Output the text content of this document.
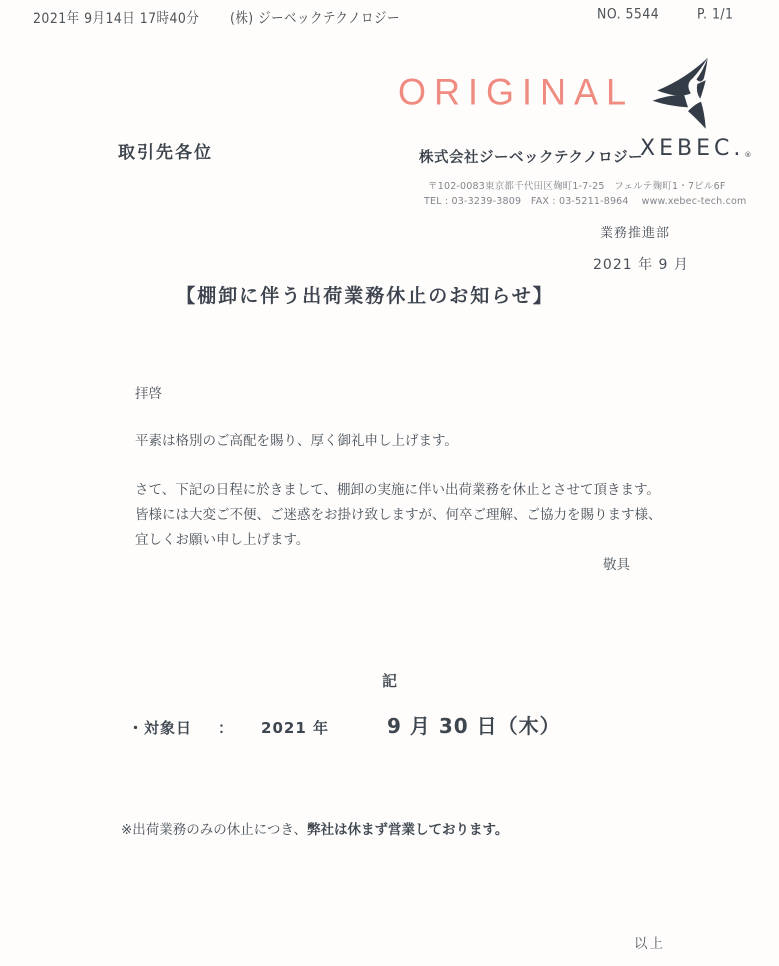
2021年 9月14日 17時40分 (株) ジーベックテクノロジー	NO. 5544	P. 1/1
ORIGINAL
XEBEC.®
取引先各位	株式会社ジーベックテクノロジー
〒102-0083東京都千代田区麹町1-7-25　フェルテ麹町1・7ビル6F
TEL : 03-3239-3809　FAX : 03-5211-8964　 www.xebec-tech.com
業務推進部
2021 年 9 月
【棚卸に伴う出荷業務休止のお知らせ】
拝啓
平素は格別のご高配を賜り、厚く御礼申し上げます。
さて、下記の日程に於きまして、棚卸の実施に伴い出荷業務を休止とさせて頂きます。
皆様には大変ご不便、ご迷惑をお掛け致しますが、何卒ご理解、ご協力を賜ります様、
宜しくお願い申し上げます。
敬具
記
・対象日 ： 2021 年	9 月 30 日（木）
※出荷業務のみの休止につき、弊社は休まず営業しております。
以上
